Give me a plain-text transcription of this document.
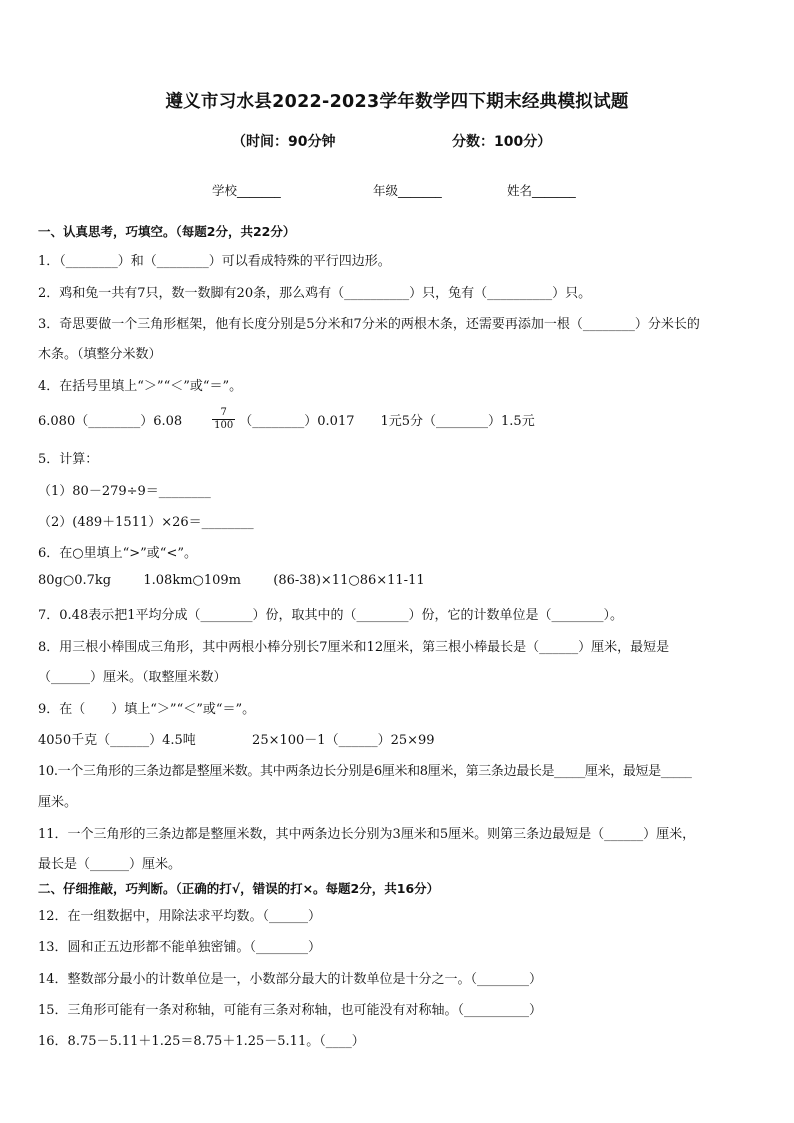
遵义市习水县2022-2023学年数学四下期末经典模拟试题
（时间：90分钟	分数：100分）
学校_______	年级_______	姓名_______
一、认真思考，巧填空。（每题2分，共22分）
1．（________）和（________）可以看成特殊的平行四边形。
2．鸡和兔一共有7只，数一数脚有20条，那么鸡有（__________）只，兔有（__________）只。
3．奇思要做一个三角形框架，他有长度分别是5分米和7分米的两根木条，还需要再添加一根（________）分米长的
木条。（填整分米数）
4．在括号里填上“＞”“＜”或“＝”。
6.080（________）6.08	$\frac{7}{100}$ （________）0.017 1元5分（________）1.5元
5．计算：
（1）80－279÷9＝________
（2）(489＋1511）×26＝________
6．在○里填上“>”或“<”。
80g○0.7kg 1.08km○109m (86-38)×11○86×11-11
7．0.48表示把1平均分成（________）份，取其中的（________）份，它的计数单位是（________）。
8．用三根小棒围成三角形，其中两根小棒分别长7厘米和12厘米，第三根小棒最长是（______）厘米，最短是
（______）厘米。（取整厘米数）
9．在（　　）填上“＞”“＜”或“＝”。
4050千克（______）4.5吨	25×100－1（______）25×99
10.一个三角形的三条边都是整厘米数。其中两条边长分别是6厘米和8厘米，第三条边最长是_____厘米，最短是_____
厘米。
11．一个三角形的三条边都是整厘米数，其中两条边长分别为3厘米和5厘米。则第三条边最短是（______）厘米，
最长是（______）厘米。
二、仔细推敲，巧判断。（正确的打√，错误的打×。每题2分，共16分）
12．在一组数据中，用除法求平均数。（______）
13．圆和正五边形都不能单独密铺。（________）
14．整数部分最小的计数单位是一，小数部分最大的计数单位是十分之一。（________）
15．三角形可能有一条对称轴，可能有三条对称轴，也可能没有对称轴。（__________）
16．8.75－5.11＋1.25＝8.75＋1.25－5.11。（____）
